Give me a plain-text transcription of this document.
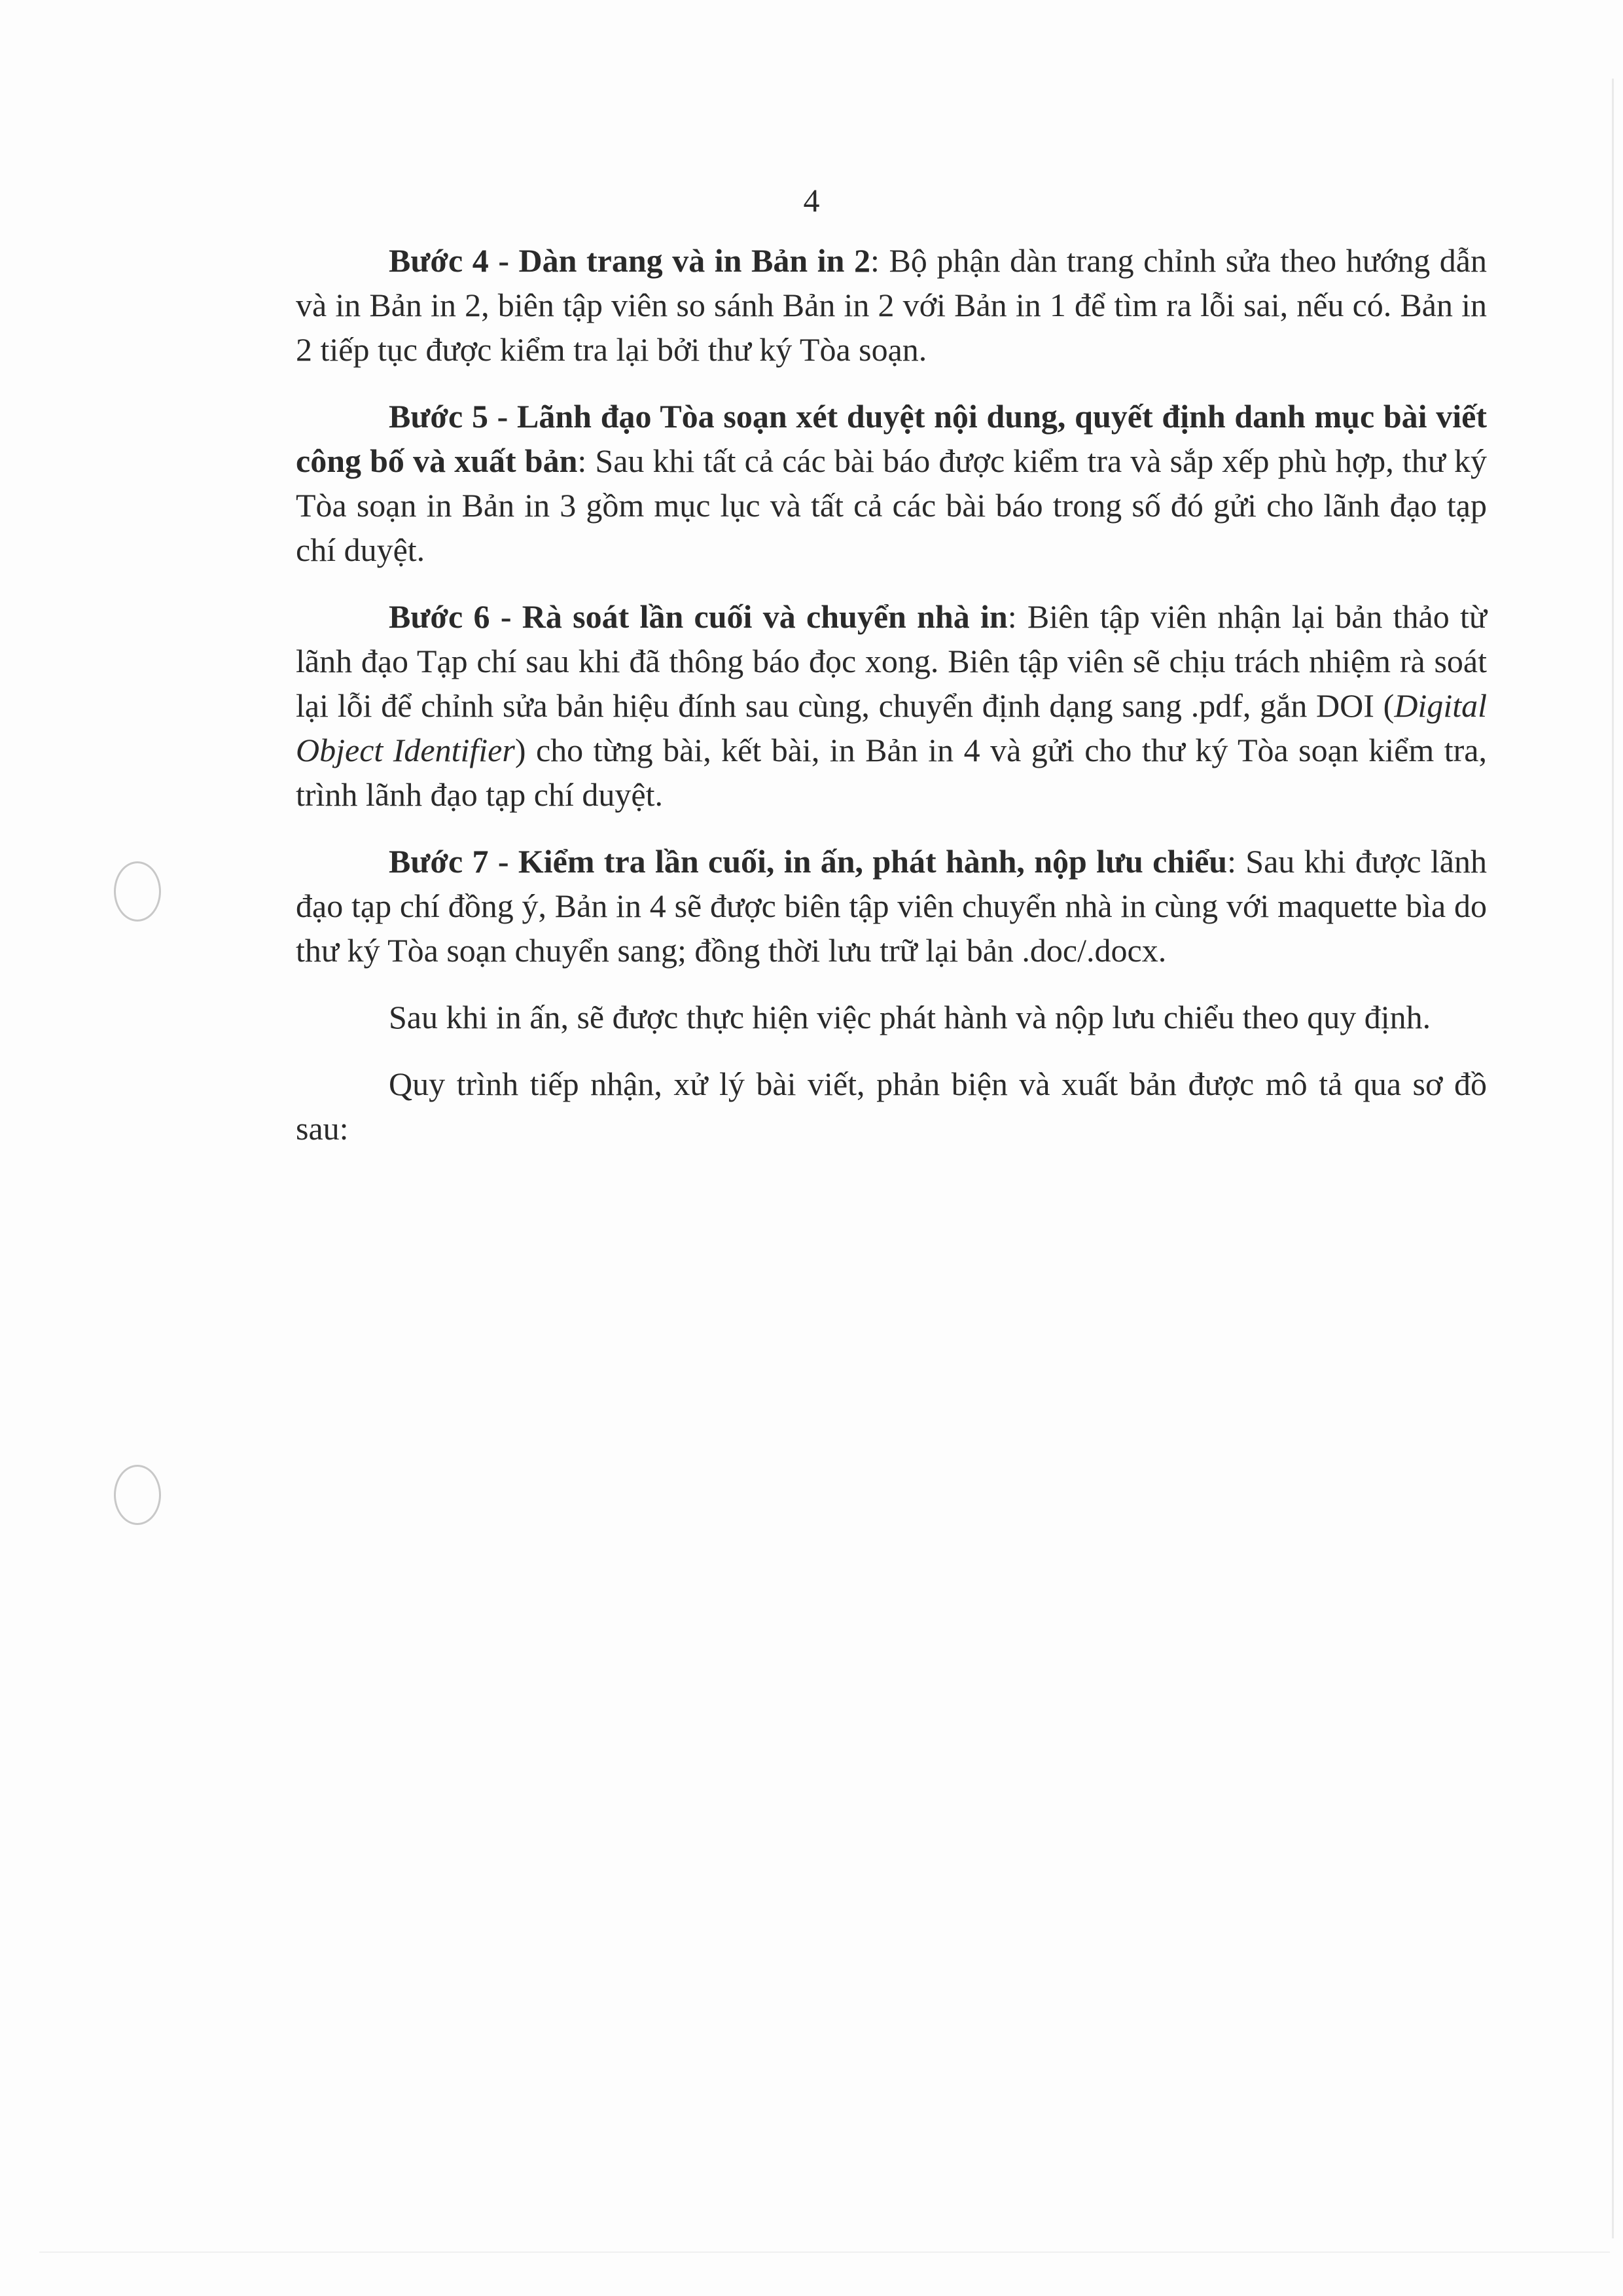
4

Bước 4 - Dàn trang và in Bản in 2: Bộ phận dàn trang chỉnh sửa theo hướng dẫn và in Bản in 2, biên tập viên so sánh Bản in 2 với Bản in 1 để tìm ra lỗi sai, nếu có. Bản in 2 tiếp tục được kiểm tra lại bởi thư ký Tòa soạn.

Bước 5 - Lãnh đạo Tòa soạn xét duyệt nội dung, quyết định danh mục bài viết công bố và xuất bản: Sau khi tất cả các bài báo được kiểm tra và sắp xếp phù hợp, thư ký Tòa soạn in Bản in 3 gồm mục lục và tất cả các bài báo trong số đó gửi cho lãnh đạo tạp chí duyệt.

Bước 6 - Rà soát lần cuối và chuyển nhà in: Biên tập viên nhận lại bản thảo từ lãnh đạo Tạp chí sau khi đã thông báo đọc xong. Biên tập viên sẽ chịu trách nhiệm rà soát lại lỗi để chỉnh sửa bản hiệu đính sau cùng, chuyển định dạng sang .pdf, gắn DOI (Digital Object Identifier) cho từng bài, kết bài, in Bản in 4 và gửi cho thư ký Tòa soạn kiểm tra, trình lãnh đạo tạp chí duyệt.

Bước 7 - Kiểm tra lần cuối, in ấn, phát hành, nộp lưu chiểu: Sau khi được lãnh đạo tạp chí đồng ý, Bản in 4 sẽ được biên tập viên chuyển nhà in cùng với maquette bìa do thư ký Tòa soạn chuyển sang; đồng thời lưu trữ lại bản .doc/.docx.

Sau khi in ấn, sẽ được thực hiện việc phát hành và nộp lưu chiểu theo quy định.

Quy trình tiếp nhận, xử lý bài viết, phản biện và xuất bản được mô tả qua sơ đồ sau:
